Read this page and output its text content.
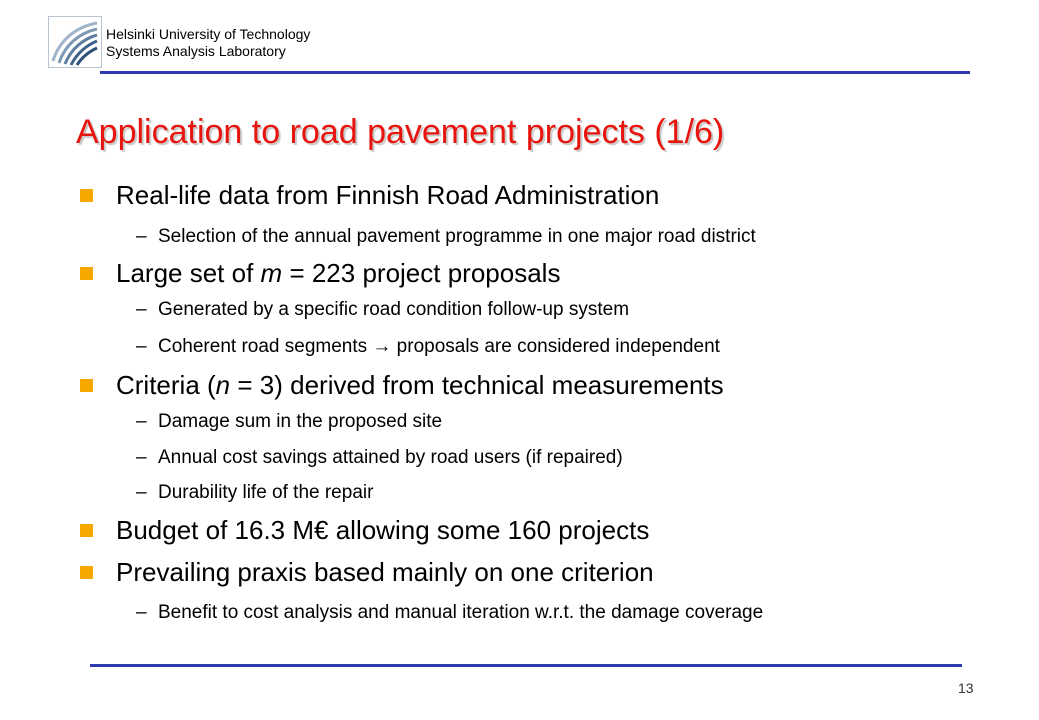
Helsinki University of Technology
Systems Analysis Laboratory
Application to road pavement projects (1/6)
Real-life data from Finnish Road Administration
– Selection of the annual pavement programme in one major road district
Large set of m = 223 project proposals
– Generated by a specific road condition follow-up system
– Coherent road segments → proposals are considered independent
Criteria (n = 3) derived from technical measurements
– Damage sum in the proposed site
– Annual cost savings attained by road users (if repaired)
– Durability life of the repair
Budget of 16.3 M€ allowing some 160 projects
Prevailing praxis based mainly on one criterion
– Benefit to cost analysis and manual iteration w.r.t. the damage coverage
13
